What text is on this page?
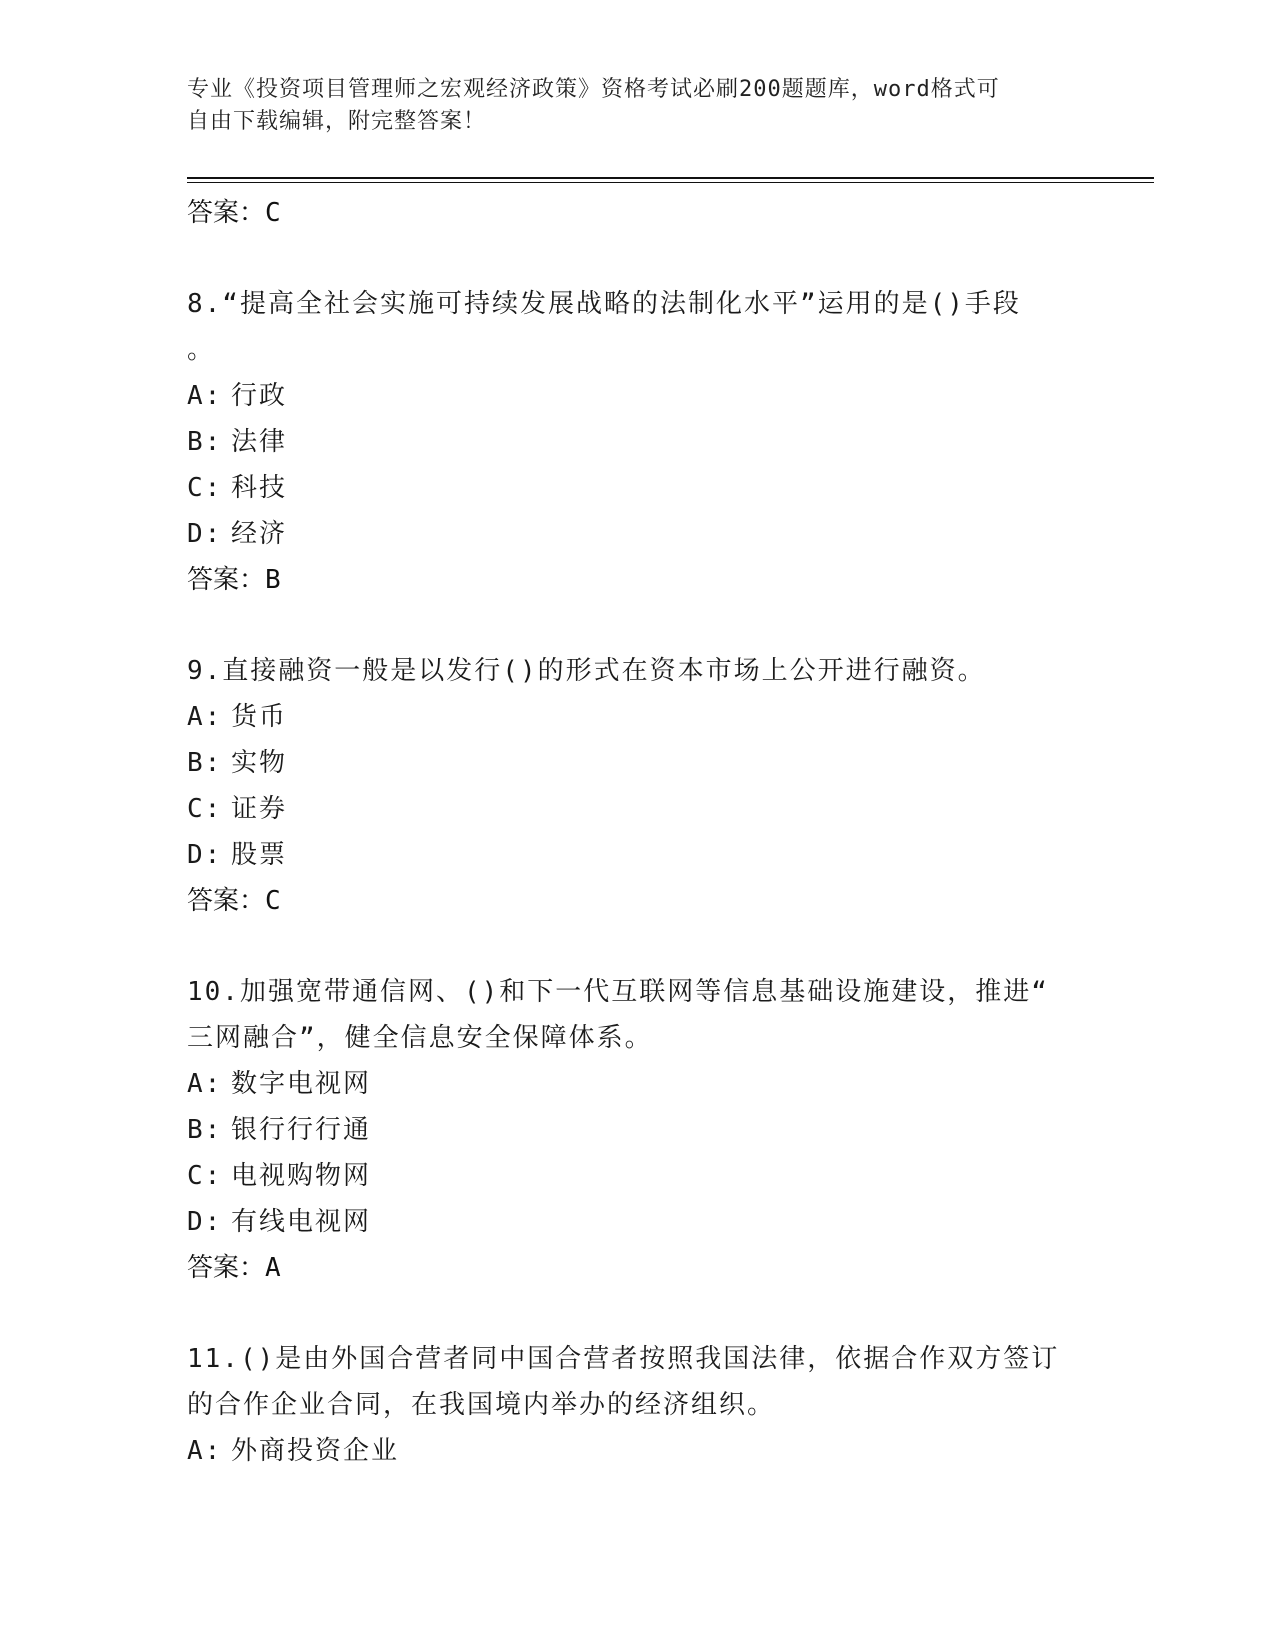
专业《投资项目管理师之宏观经济政策》资格考试必刷200题题库，word格式可
自由下载编辑，附完整答案！
答案：C
8.“提高全社会实施可持续发展战略的法制化水平”运用的是()手段
。
A: 行政
B: 法律
C: 科技
D: 经济
答案：B
9.直接融资一般是以发行()的形式在资本市场上公开进行融资。
A: 货币
B: 实物
C: 证券
D: 股票
答案：C
10.加强宽带通信网、()和下一代互联网等信息基础设施建设，推进“
三网融合”，健全信息安全保障体系。
A: 数字电视网
B: 银行行行通
C: 电视购物网
D: 有线电视网
答案：A
11.()是由外国合营者同中国合营者按照我国法律，依据合作双方签订
的合作企业合同，在我国境内举办的经济组织。
A: 外商投资企业
